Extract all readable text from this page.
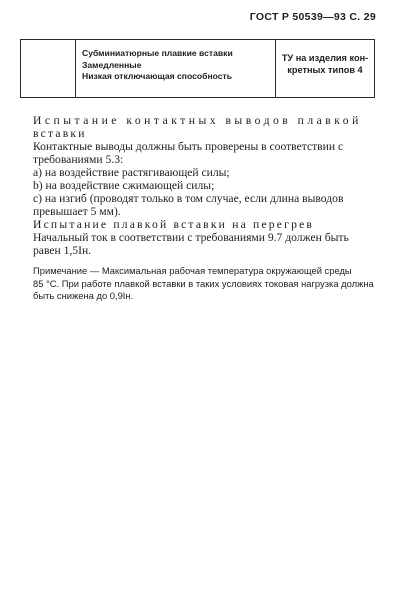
ГОСТ Р 50539—93 С. 29
Субминиатюрные плавкие вставки
Замедленные
Низкая отключающая способность
ТУ на изделия кон-
кретных типов 4

Испытание контактных выводов плавкой

вставки

Контактные выводы должны быть проверены в соответствии с

требованиями 5.3:

а) на воздействие растягивающей силы;

b) на воздействие сжимающей силы;

с) на изгиб (проводят только в том случае, если длина выводов

превышает 5 мм).

Испытание плавкой вставки на перегрев

Начальный ток в соответствии с требованиями 9.7 должен быть

равен 1,5Iн.

Примечание — Максимальная рабочая температура окружающей среды
85 °С. При работе плавкой вставки в таких условиях токовая нагрузка должна
быть снижена до 0,9Iн.
